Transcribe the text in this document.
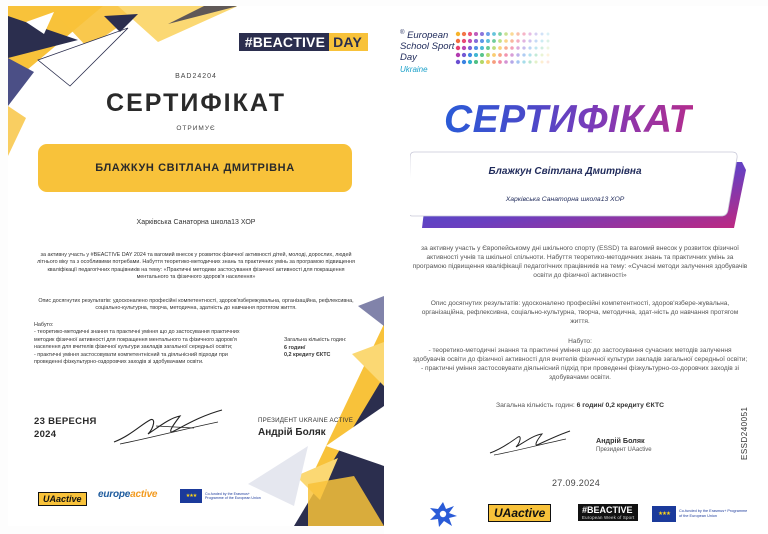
#BEACTIVE DAY
BAD24204
СЕРТИФІКАТ
ОТРИМУЄ
БЛАЖКУН СВІТЛАНА ДМИТРІВНА
Харківська Санаторна школа13 ХОР
за активну участь у #BEACTIVE DAY 2024 та вагомий внесок у розвиток фізичної активності дітей, молоді, дорослих, людей літнього віку та з особливими потребами. Набуття теоретико-методичних знань та практичних умінь за програмою підвищення кваліфікації педагогічних працівників на тему: «Практичні методики застосування фізичної активності для покращення ментального та фізичного здоров'я населення»
Опис досягнутих результатів: удосконалено професійні компетентності, здоров'язбережувальна, організаційна, рефлексивна, соціально-культурна, творча, методична, здатність до навчання протягом життя.
Набуто:
- теоретико-методичні знання та практичні уміння що до застосування практичних методик фізичної активності для покращення ментального та фізичного здоров'я населення для вчителів фізичної культури закладів загальної середньої освіти;
- практичні уміння застосовувати компетентнісний та діяльнісний підходи при проведенні фізкультурно-оздоровчих заходів зі здобувачами освіти.
Загальна кількість годин:
6 годин/
0,2 кредиту ЄКТС
23 ВЕРЕСНЯ
2024
ПРЕЗИДЕНТ UKRAINE ACTIVE
Андрій Боляк
UAactive	europeactive	★★★	Co-funded by the Erasmus+ Programme of the European Union
® European
School Sport
Day
Ukraine
СЕРТИФІКАТ
Блажкун Світлана Дмитрівна
Харківська Санаторна школа13 ХОР
за активну участь у Європейському дні шкільного спорту (ESSD) та вагомий внесок у розвиток фізичної активності учнів та шкільної спільноти. Набуття теоретико-методичних знань та практичних умінь за програмою підвищення кваліфікації педагогічних працівників на тему: «Сучасні методи залучення здобувачів освіти до фізичної активності»
Опис досягнутих результатів: удосконалено професійні компетентності, здоров'язбере-жувальна, організаційна, рефлексивна, соціально-культурна, творча, методична, здат-ність до навчання протягом життя.
Набуто:
- теоретико-методичні знання та практичні уміння що до застосування сучасних методів залучення здобувачів освіти до фізичної активності для вчителів фізичної культури закладів загальної середньої освіти;
- практичні уміння застосовувати діяльнісний підхід при проведенні фізкультурно-оз-доровчих заходів зі здобувачами освіти.
Загальна кількість годин: 6 годин/ 0,2 кредиту ЄКТС
Андрій Боляк
Президент UAactive
27.09.2024
ESSD240051
UAactive	#BEACTIVE
European Week of Sport
★★★	Co-funded by the Erasmus+ Programme of the European Union
